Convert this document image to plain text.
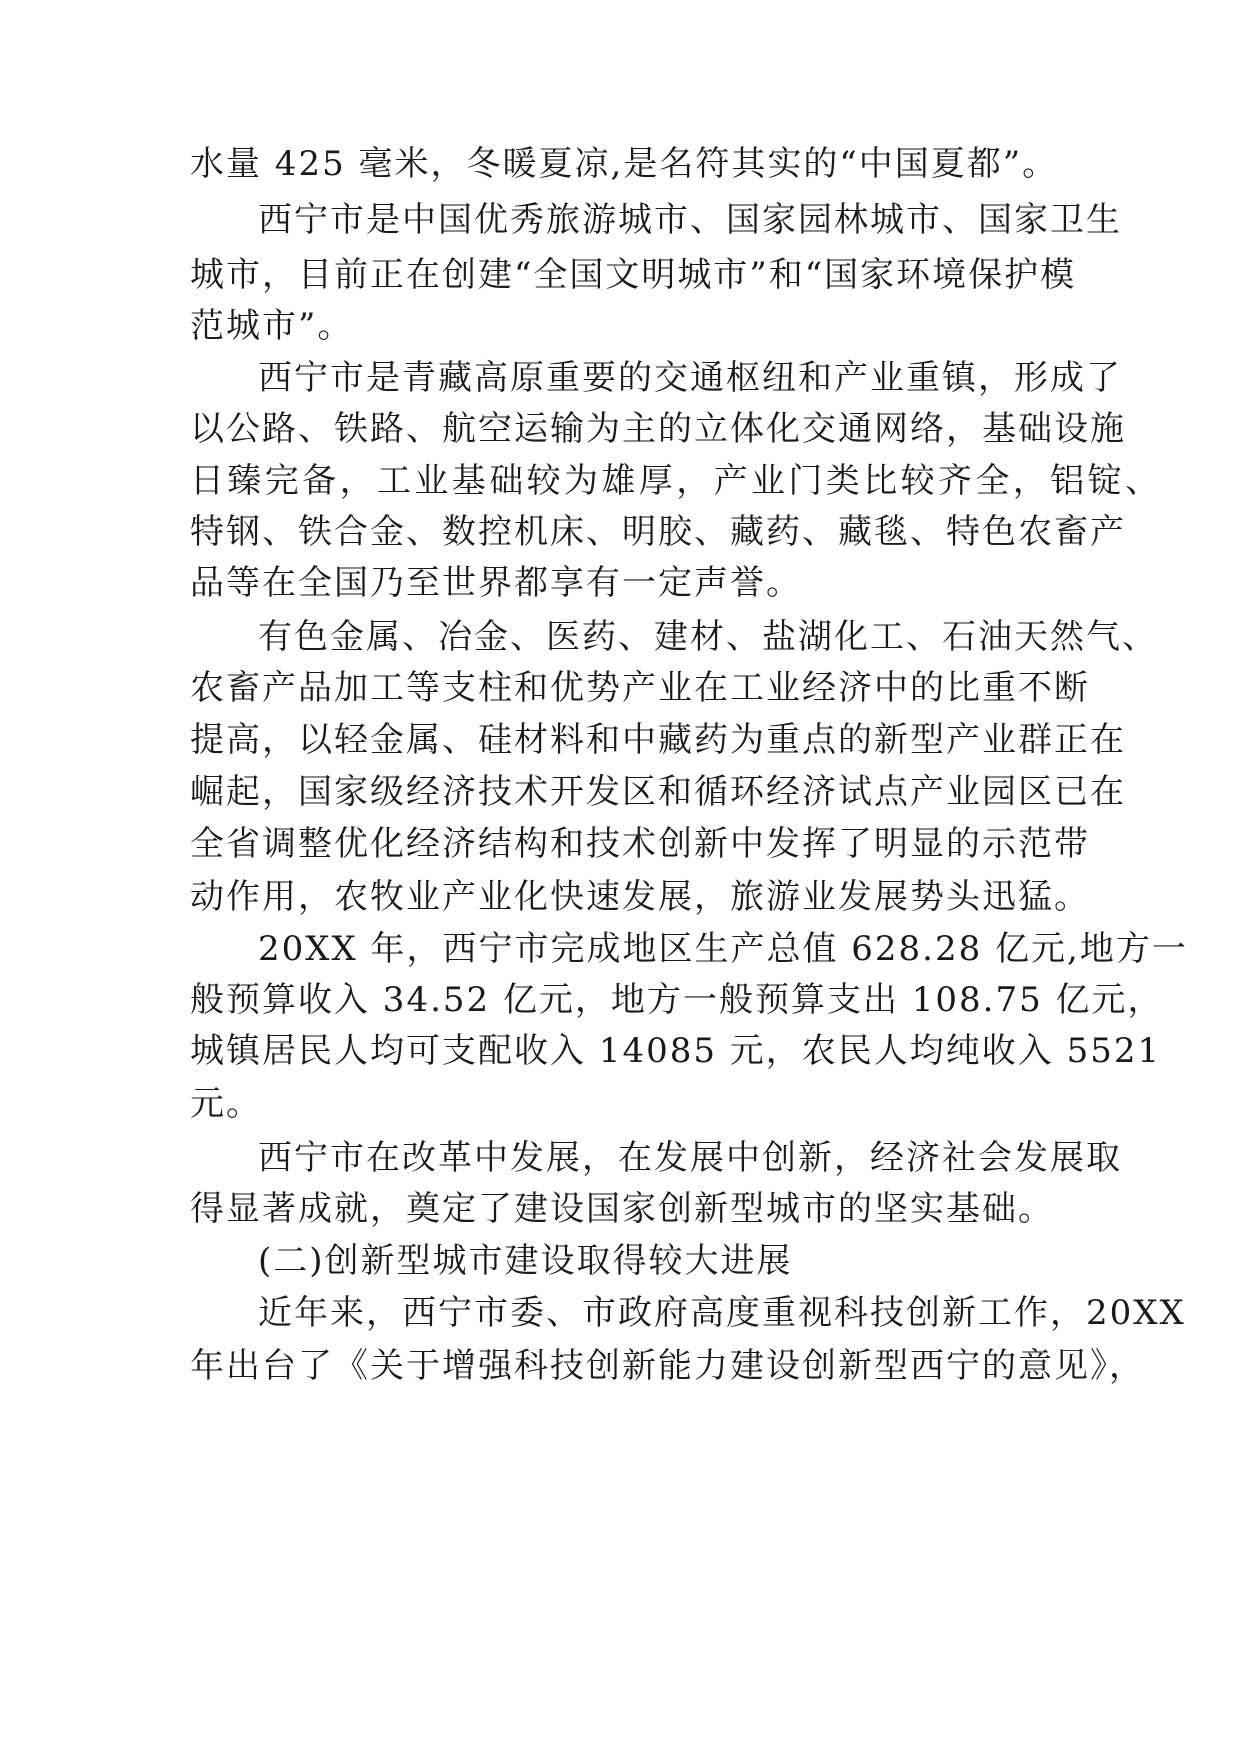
水量 425 毫米，冬暖夏凉,是名符其实的“中国夏都”。
西宁市是中国优秀旅游城市、国家园林城市、国家卫生
城市，目前正在创建“全国文明城市”和“国家环境保护模
范城市”。
西宁市是青藏高原重要的交通枢纽和产业重镇，形成了
以公路、铁路、航空运输为主的立体化交通网络，基础设施
日臻完备，工业基础较为雄厚，产业门类比较齐全，铝锭、
特钢、铁合金、数控机床、明胶、藏药、藏毯、特色农畜产
品等在全国乃至世界都享有一定声誉。
有色金属、冶金、医药、建材、盐湖化工、石油天然气、
农畜产品加工等支柱和优势产业在工业经济中的比重不断
提高，以轻金属、硅材料和中藏药为重点的新型产业群正在
崛起，国家级经济技术开发区和循环经济试点产业园区已在
全省调整优化经济结构和技术创新中发挥了明显的示范带
动作用，农牧业产业化快速发展，旅游业发展势头迅猛。
20XX 年，西宁市完成地区生产总值 628.28 亿元,地方一
般预算收入 34.52 亿元，地方一般预算支出 108.75 亿元，
城镇居民人均可支配收入 14085 元，农民人均纯收入 5521
元。
西宁市在改革中发展，在发展中创新，经济社会发展取
得显著成就，奠定了建设国家创新型城市的坚实基础。
(二)创新型城市建设取得较大进展
近年来，西宁市委、市政府高度重视科技创新工作，20XX
年出台了《关于增强科技创新能力建设创新型西宁的意见》，
